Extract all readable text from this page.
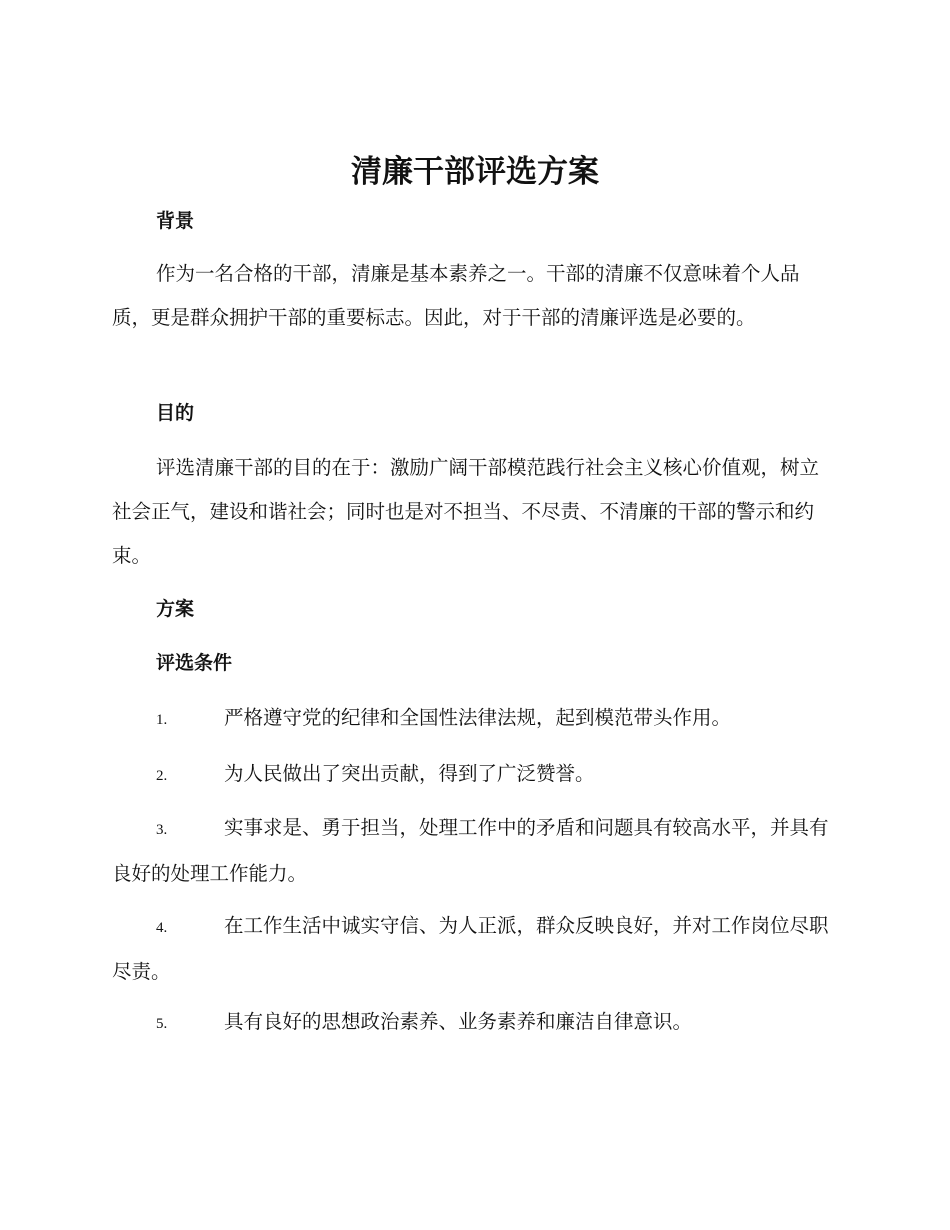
清廉干部评选方案
背景

作为一名合格的干部，清廉是基本素养之一。干部的清廉不仅意味着个人品质，更是群众拥护干部的重要标志。因此，对于干部的清廉评选是必要的。

目的

评选清廉干部的目的在于：激励广阔干部模范践行社会主义核心价值观，树立社会正气，建设和谐社会；同时也是对不担当、不尽责、不清廉的干部的警示和约束。

方案
评选条件

1.	严格遵守党的纪律和全国性法律法规，起到模范带头作用。

2.	为人民做出了突出贡献，得到了广泛赞誉。

3.	实事求是、勇于担当，处理工作中的矛盾和问题具有较高水平，并具有良好的处理工作能力。

4.	在工作生活中诚实守信、为人正派，群众反映良好，并对工作岗位尽职尽责。

5.	具有良好的思想政治素养、业务素养和廉洁自律意识。
